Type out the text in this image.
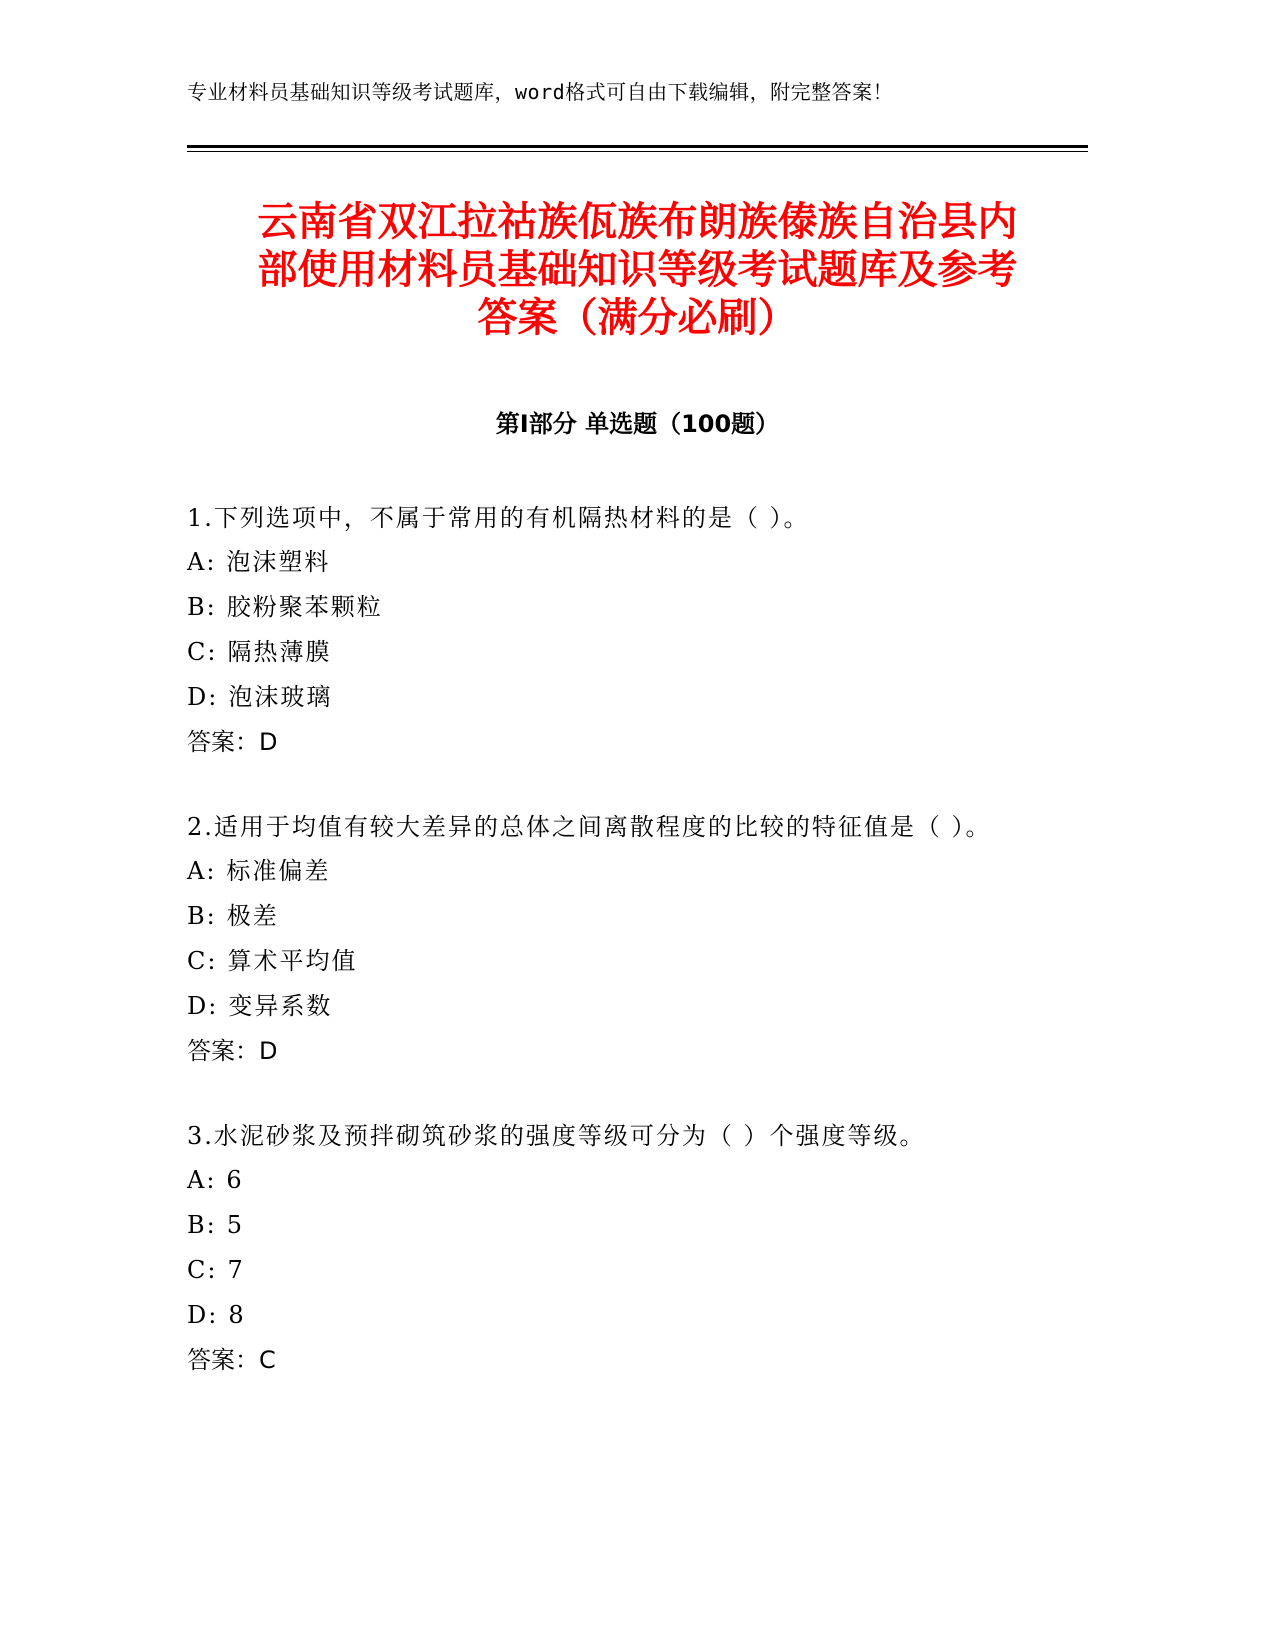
专业材料员基础知识等级考试题库，word格式可自由下载编辑，附完整答案！
云南省双江拉祜族佤族布朗族傣族自治县内
部使用材料员基础知识等级考试题库及参考
答案（满分必刷）
第Ⅰ部分 单选题（100题）
1.下列选项中，不属于常用的有机隔热材料的是（ ）。
A: 泡沫塑料
B: 胶粉聚苯颗粒
C: 隔热薄膜
D: 泡沫玻璃
答案：D
2.适用于均值有较大差异的总体之间离散程度的比较的特征值是（ ）。
A: 标准偏差
B: 极差
C: 算术平均值
D: 变异系数
答案：D
3.水泥砂浆及预拌砌筑砂浆的强度等级可分为（ ）个强度等级。
A: 6
B: 5
C: 7
D: 8
答案：C
